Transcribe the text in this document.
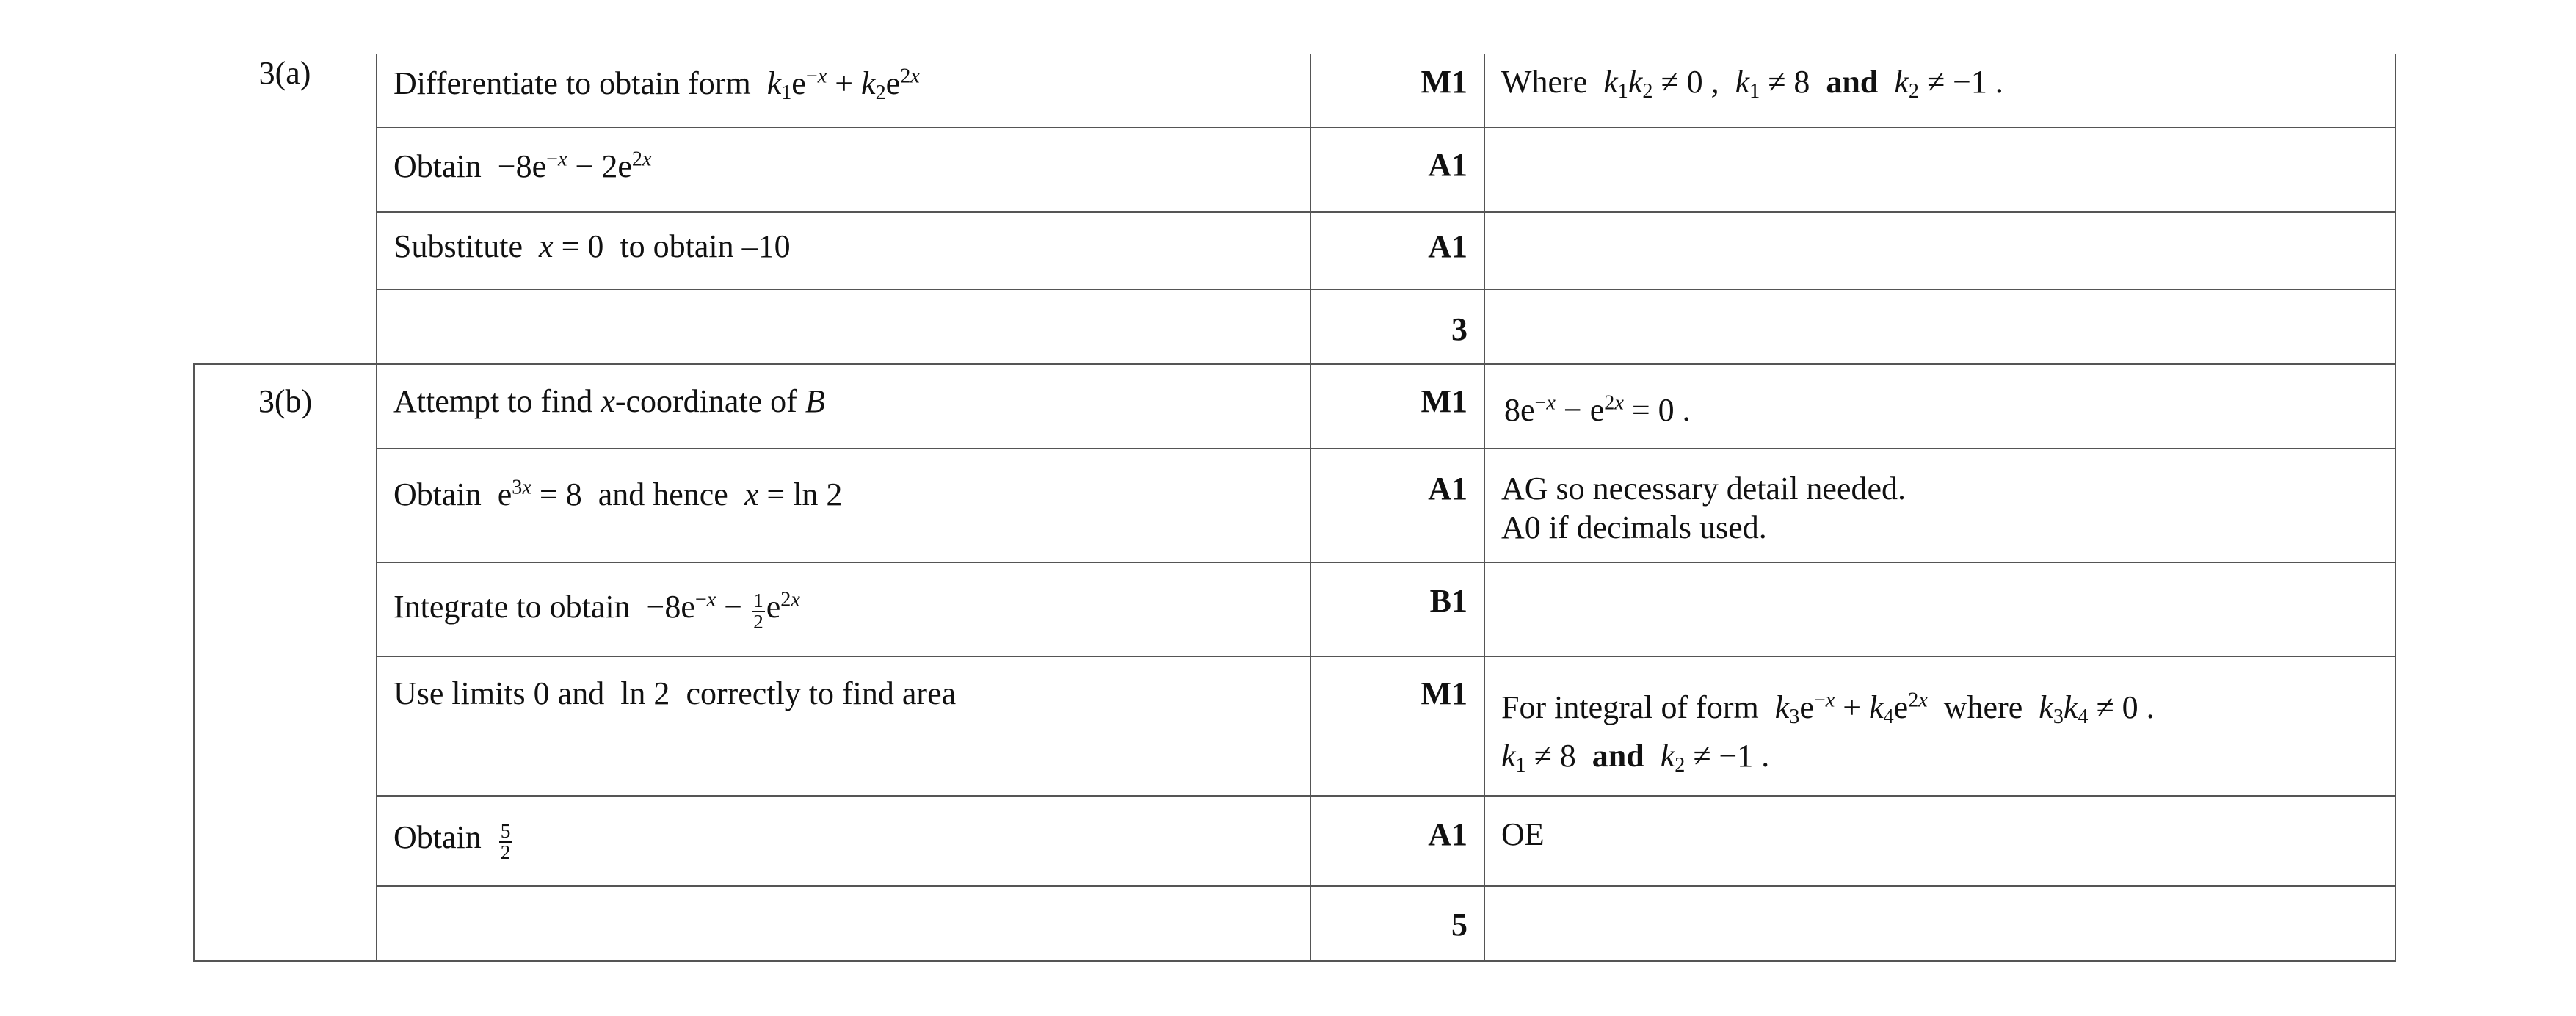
3(a)	Differentiate to obtain form $k_1e^{-x} + k_2e^{2x}$	M1	Where $k_1k_2 \ne 0$ ,  $k_1 \ne 8$  and $k_2 \ne -1$ .
	Obtain  $-8e^{-x} - 2e^{2x}$	A1	
	Substitute x = 0  to obtain –10	A1	
		3	

3(b)	Attempt to find x-coordinate of B	M1	$8e^{-x} - e^{2x} = 0$ .
	Obtain  $e^{3x} = 8$  and hence x = ln 2	A1	AG so necessary detail needed.
A0 if decimals used.

	Integrate to obtain  $-8e^{-x} - \frac{1}{2} e^{2x}$	B1	
	Use limits 0 and  ln 2  correctly to find area	M1	For integral of form $k_3e^{-x} + k_4e^{2x}$ where $k_3k_4 \ne 0$ .
$k_1 \ne 8$  and $k_2 \ne -1$ .

	Obtain $\frac{5}{2}$	A1	OE
		5	
